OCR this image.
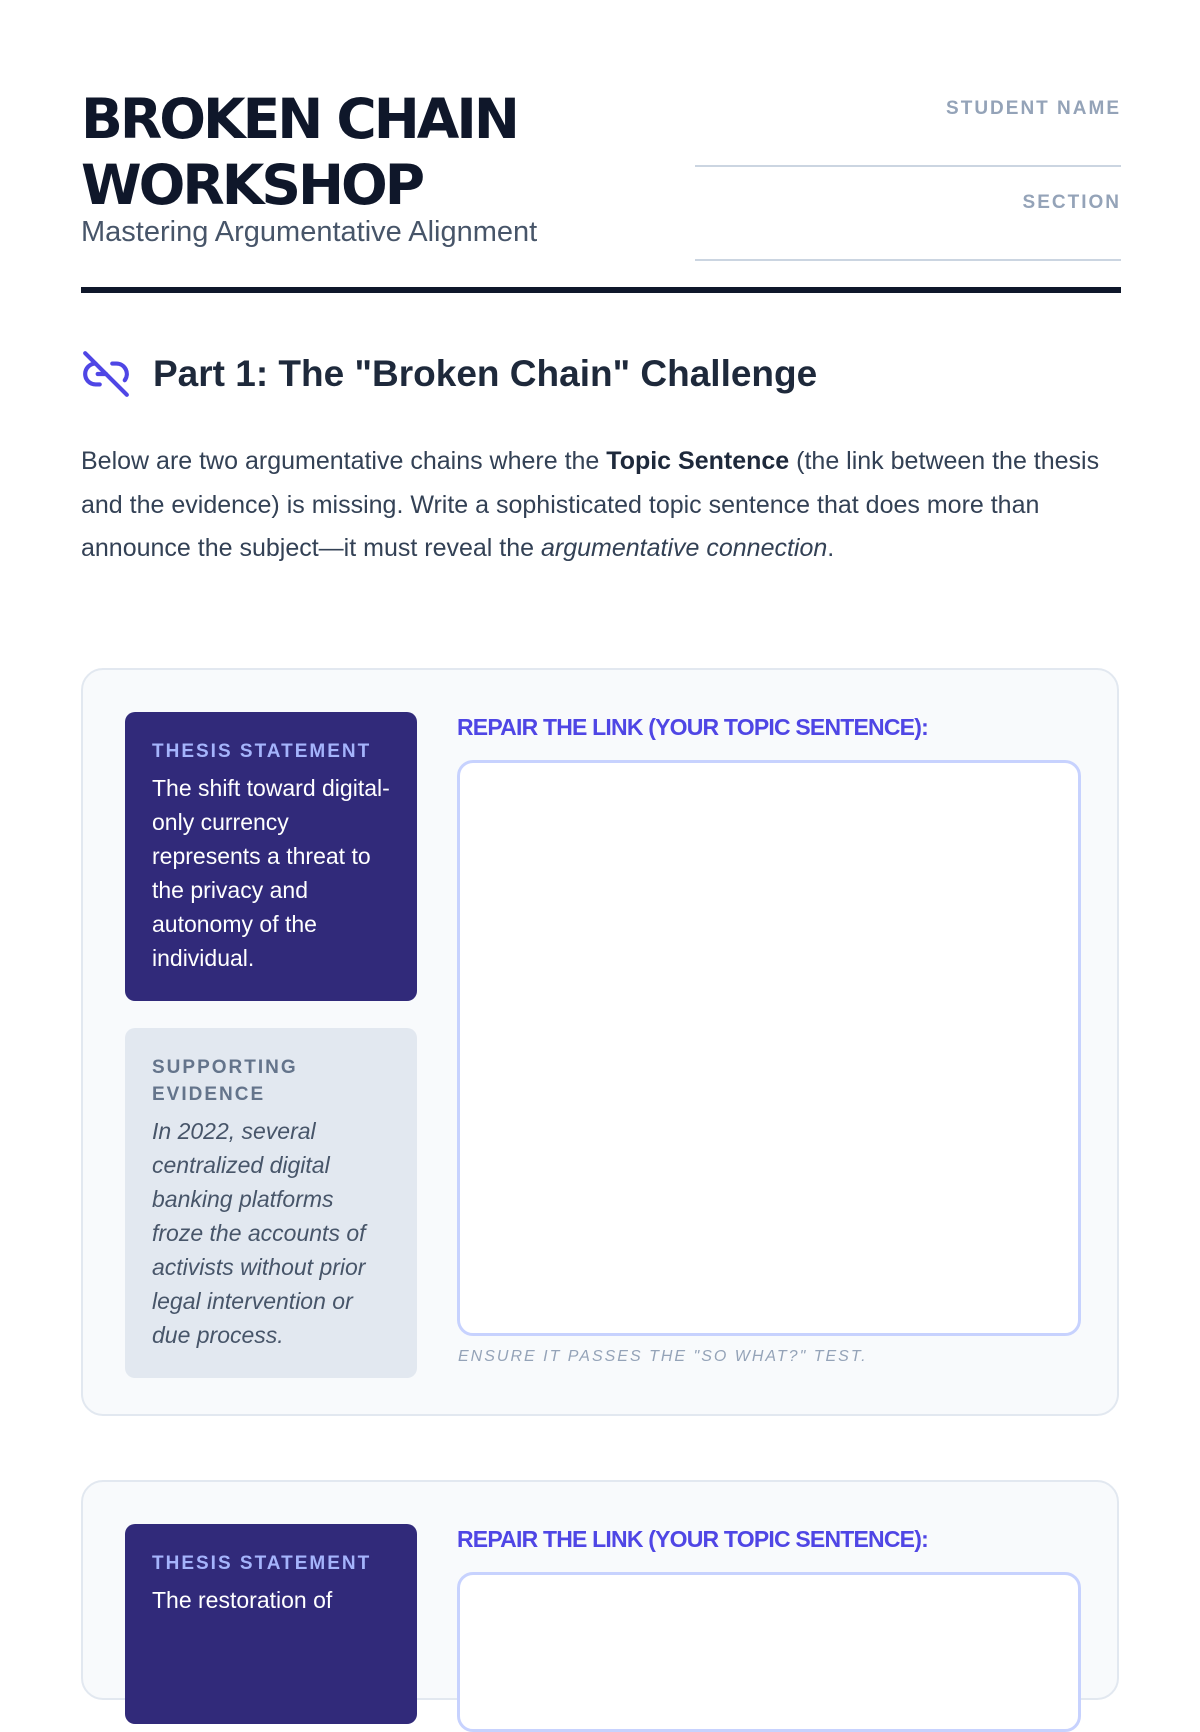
BROKEN CHAIN WORKSHOP

Mastering Argumentative Alignment

STUDENT NAME
SECTION
Part 1: The "Broken Chain" Challenge

Below are two argumentative chains where the Topic Sentence (the link between the thesis and the evidence) is missing. Write a sophisticated topic sentence that does more than announce the subject—it must reveal the argumentative connection.

THESIS STATEMENT

The shift toward digital-only currency represents a threat to the privacy and autonomy of the individual.

SUPPORTING EVIDENCE

In 2022, several centralized digital banking platforms froze the accounts of activists without prior legal intervention or due process.

REPAIR THE LINK (YOUR TOPIC SENTENCE):

ENSURE IT PASSES THE "SO WHAT?" TEST.

THESIS STATEMENT

The restoration of

REPAIR THE LINK (YOUR TOPIC SENTENCE):
